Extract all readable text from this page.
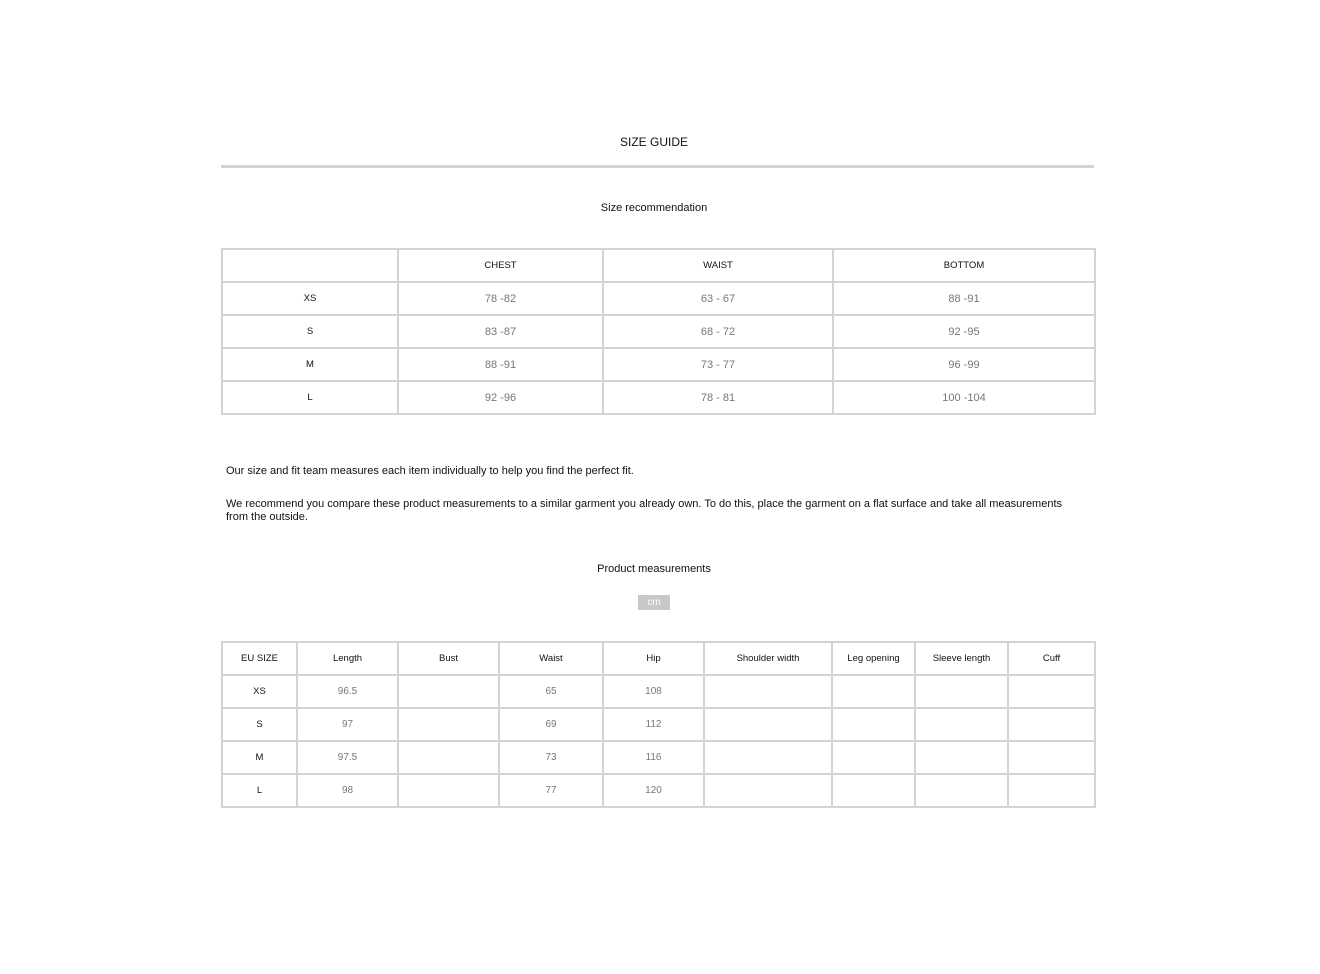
SIZE GUIDE
Size recommendation
	CHEST	WAIST	BOTTOM
XS	78 -82	63 - 67	88 -91
S	83 -87	68 - 72	92 -95
M	88 -91	73 - 77	96 -99
L	92 -96	78 - 81	100 -104
Our size and fit team measures each item individually to help you find the perfect fit.
We recommend you compare these product measurements to a similar garment you already own. To do this, place the garment on a flat surface and take all measurements from the outside.
Product measurements
cm
EU SIZE	Length	Bust	Waist	Hip	Shoulder width	Leg opening	Sleeve length	Cuff
XS	96.5		65	108				
S	97		69	112				
M	97.5		73	116				
L	98		77	120				
